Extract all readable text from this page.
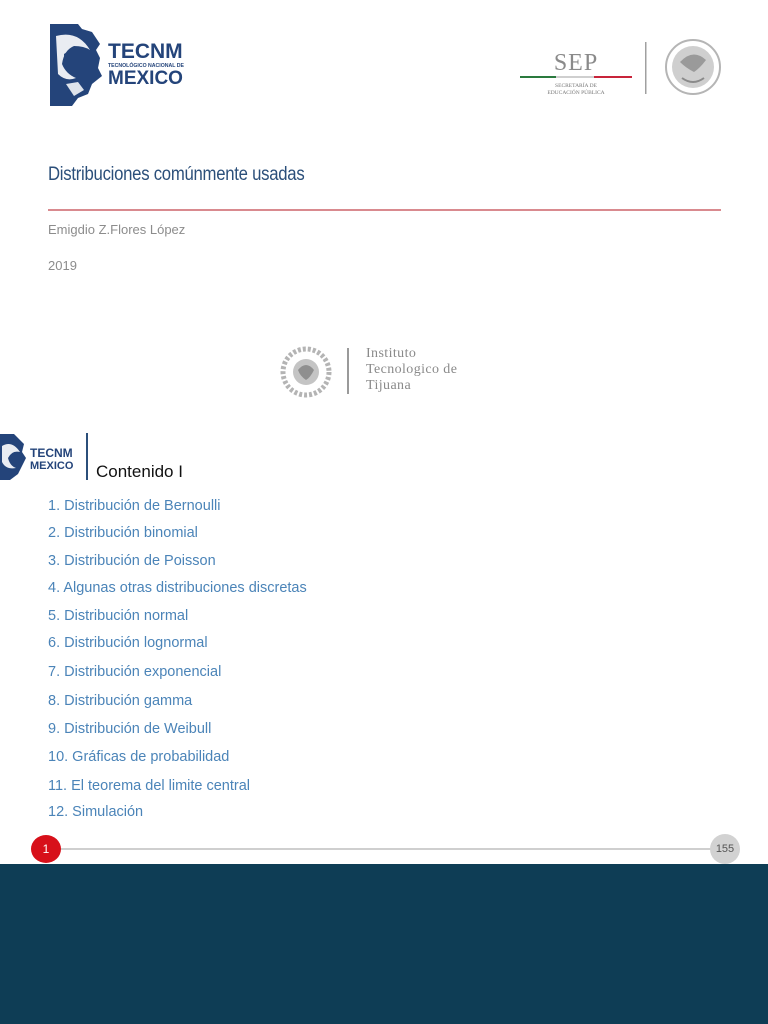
TECNM
TECNOLÓGICO NACIONAL DE
MEXICO
SEP
SECRETARÍA DE
EDUCACIÓN PÚBLICA
Distribuciones comúnmente usadas
Emigdio Z.Flores López
2019
Instituto
Tecnologico de
Tijuana
TECNM
MEXICO Contenido I
1. Distribución de Bernoulli
2. Distribución binomial
3. Distribución de Poisson
4. Algunas otras distribuciones discretas
5. Distribución normal
6. Distribución lognormal
7. Distribución exponencial
8. Distribución gamma
9. Distribución de Weibull
10. Gráficas de probabilidad
11. El teorema del limite central
12. Simulación
1	155
